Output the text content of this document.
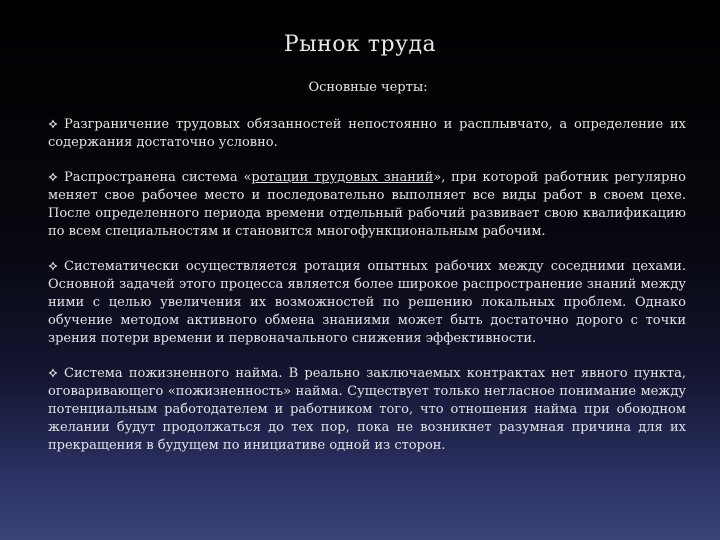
Рынок труда
Основные черты:
Разграничение трудовых обязанностей непостоянно и расплывчато, а определение их содержания достаточно условно.
Распространена система «ротации трудовых знаний», при которой работник регулярно меняет свое рабочее место и последовательно выполняет все виды работ в своем цехе. После определенного периода времени отдельный рабочий развивает свою квалификацию по всем специальностям и становится многофункциональным рабочим.
Систематически осуществляется ротация опытных рабочих между соседними цехами. Основной задачей этого процесса является более широкое распространение знаний между ними с целью увеличения их возможностей по решению локальных проблем. Однако обучение методом активного обмена знаниями может быть достаточно дорого с точки зрения потери времени и первоначального снижения эффективности.
Система пожизненного найма. В реально заключаемых контрактах нет явного пункта, оговаривающего «пожизненность» найма. Существует только негласное понимание между потенциальным работодателем и работником того, что отношения найма при обоюдном желании будут продолжаться до тех пор, пока не возникнет разумная причина для их прекращения в будущем по инициативе одной из сторон.
